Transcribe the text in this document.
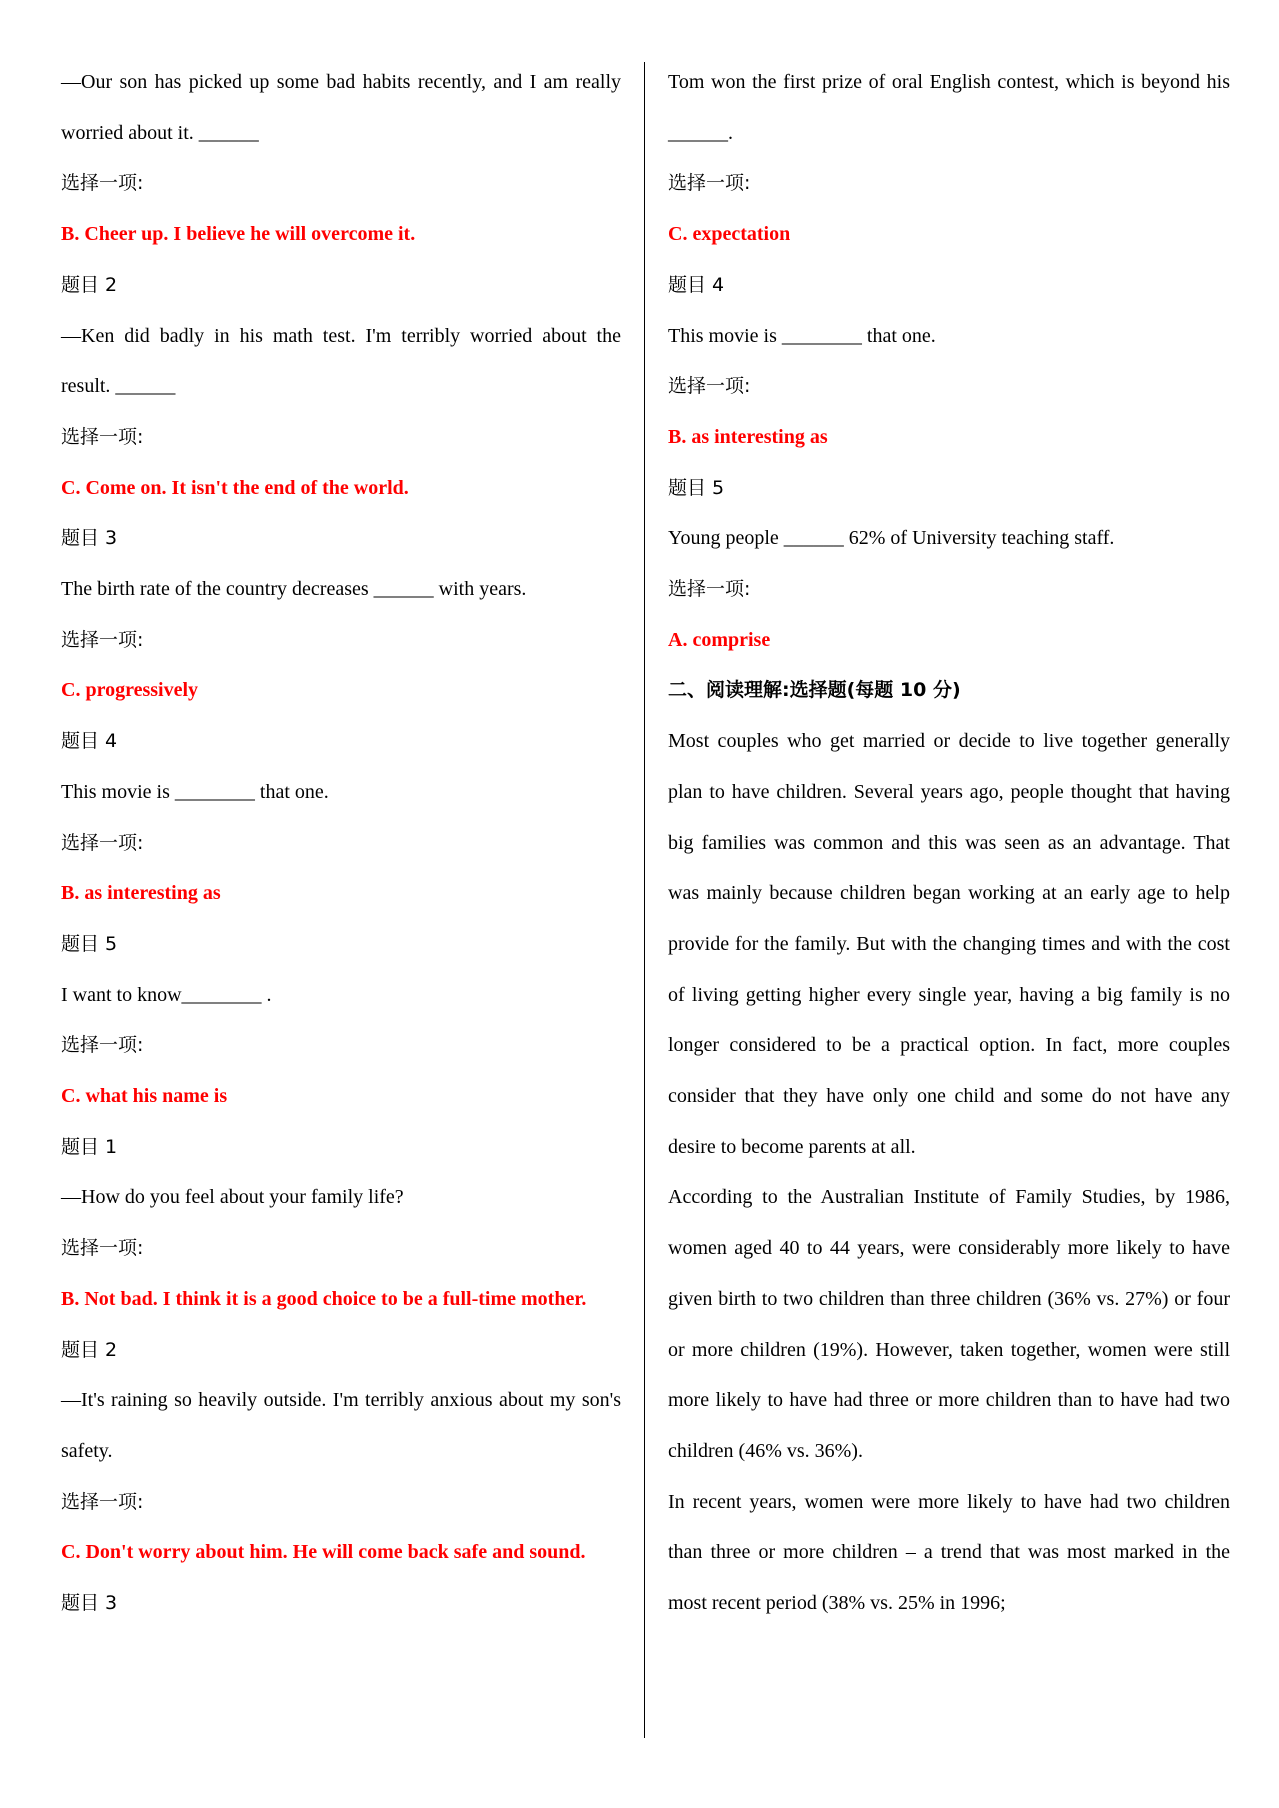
—Our son has picked up some bad habits recently, and I am really worried about it. ______
选择一项:
B. Cheer up. I believe he will overcome it.
题目 2
—Ken did badly in his math test. I'm terribly worried about the result. ______
选择一项:
C. Come on. It isn't the end of the world.
题目 3
The birth rate of the country decreases ______ with years.
选择一项:
C. progressively
题目 4
This movie is ________ that one.
选择一项:
B. as interesting as
题目 5
I want to know________ .
选择一项:
C. what his name is
题目 1
—How do you feel about your family life?
选择一项:
B. Not bad. I think it is a good choice to be a full-time mother.
题目 2
—It's raining so heavily outside. I'm terribly anxious about my son's safety.
选择一项:
C. Don't worry about him. He will come back safe and sound.
题目 3
Tom won the first prize of oral English contest, which is beyond his ______.
选择一项:
C. expectation
题目 4
This movie is ________ that one.
选择一项:
B. as interesting as
题目 5
Young people ______ 62% of University teaching staff.
选择一项:
A. comprise
二、阅读理解:选择题(每题 10 分)
Most couples who get married or decide to live together generally plan to have children. Several years ago, people thought that having big families was common and this was seen as an advantage. That was mainly because children began working at an early age to help provide for the family. But with the changing times and with the cost of living getting higher every single year, having a big family is no longer considered to be a practical option. In fact, more couples consider that they have only one child and some do not have any desire to become parents at all.
According to the Australian Institute of Family Studies, by 1986, women aged 40 to 44 years, were considerably more likely to have given birth to two children than three children (36% vs. 27%) or four or more children (19%). However, taken together, women were still more likely to have had three or more children than to have had two children (46% vs. 36%).
In recent years, women were more likely to have had two children than three or more children – a trend that was most marked in the most recent period (38% vs. 25% in 1996;
